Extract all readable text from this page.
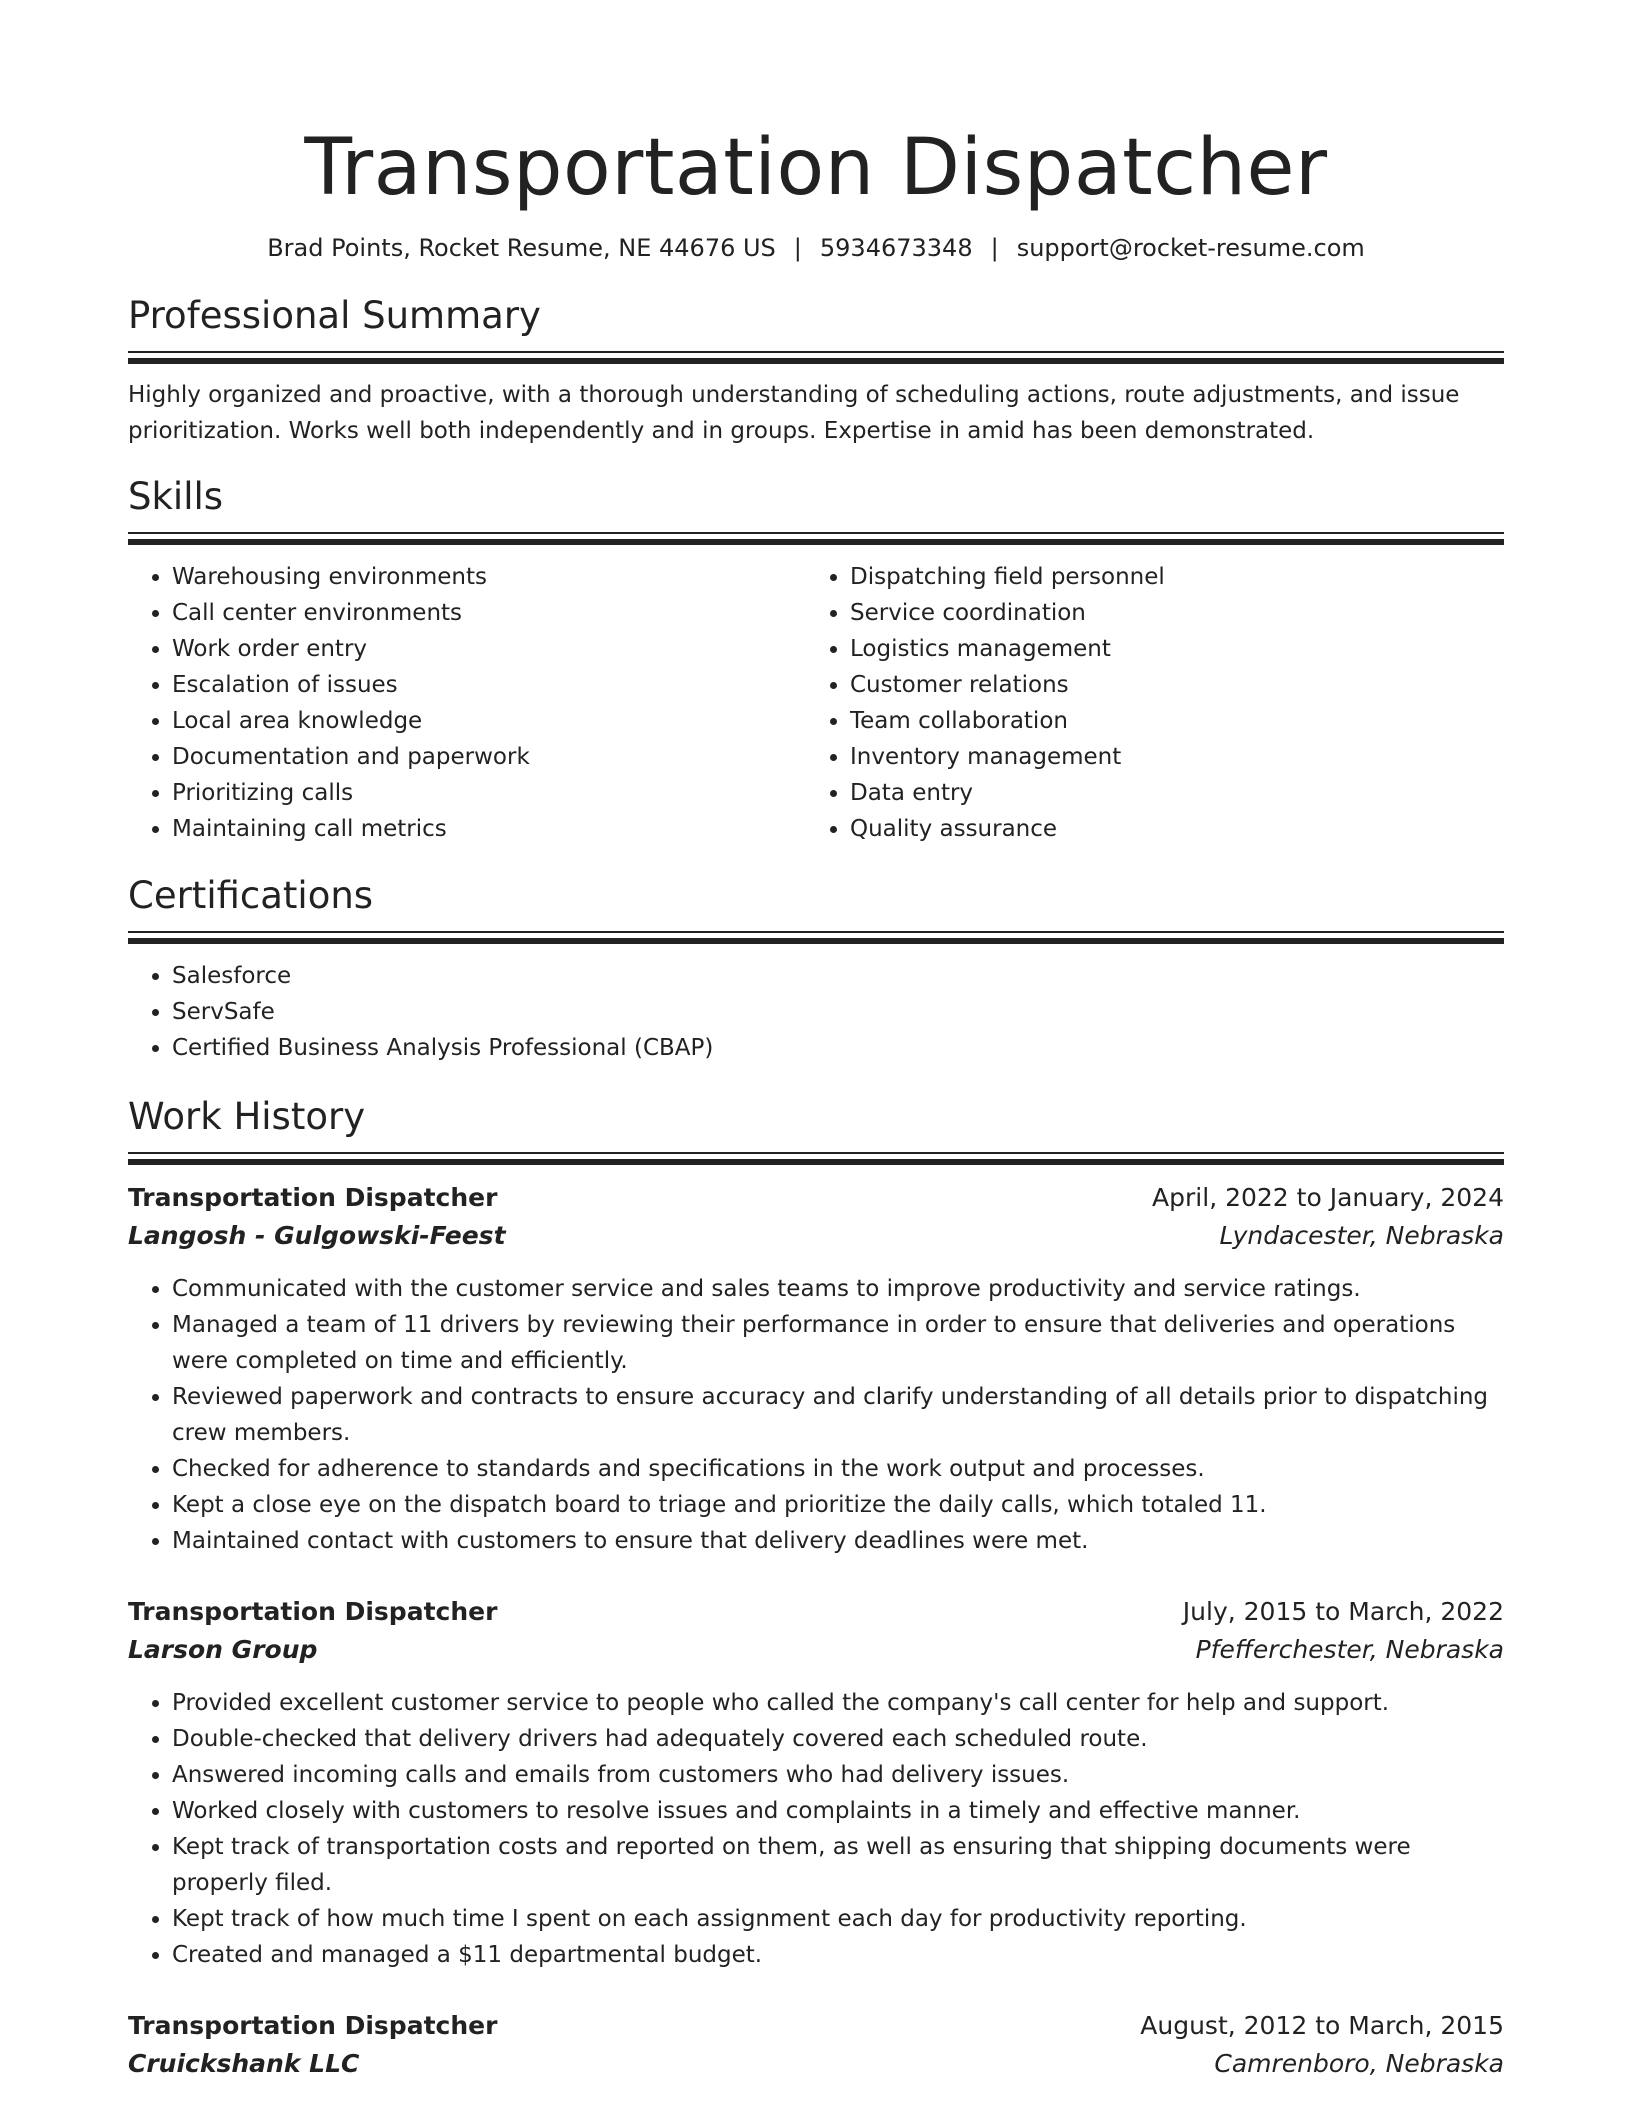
Transportation Dispatcher
Brad Points, Rocket Resume, NE 44676 US | 5934673348 | support@rocket-resume.com
Professional Summary
Highly organized and proactive, with a thorough understanding of scheduling actions, route adjustments, and issue prioritization. Works well both independently and in groups. Expertise in amid has been demonstrated.
Skills
• Warehousing environments
• Call center environments
• Work order entry
• Escalation of issues
• Local area knowledge
• Documentation and paperwork
• Prioritizing calls
• Maintaining call metrics
• Dispatching field personnel
• Service coordination
• Logistics management
• Customer relations
• Team collaboration
• Inventory management
• Data entry
• Quality assurance
Certifications
• Salesforce
• ServSafe
• Certified Business Analysis Professional (CBAP)
Work History
Transportation Dispatcher	April, 2022 to January, 2024
Langosh - Gulgowski-Feest	Lyndacester, Nebraska
• Communicated with the customer service and sales teams to improve productivity and service ratings.
• Managed a team of 11 drivers by reviewing their performance in order to ensure that deliveries and operations were completed on time and efficiently.
• Reviewed paperwork and contracts to ensure accuracy and clarify understanding of all details prior to dispatching crew members.
• Checked for adherence to standards and specifications in the work output and processes.
• Kept a close eye on the dispatch board to triage and prioritize the daily calls, which totaled 11.
• Maintained contact with customers to ensure that delivery deadlines were met.
Transportation Dispatcher	July, 2015 to March, 2022
Larson Group	Pfefferchester, Nebraska
• Provided excellent customer service to people who called the company's call center for help and support.
• Double-checked that delivery drivers had adequately covered each scheduled route.
• Answered incoming calls and emails from customers who had delivery issues.
• Worked closely with customers to resolve issues and complaints in a timely and effective manner.
• Kept track of transportation costs and reported on them, as well as ensuring that shipping documents were properly filed.
• Kept track of how much time I spent on each assignment each day for productivity reporting.
• Created and managed a $11 departmental budget.
Transportation Dispatcher	August, 2012 to March, 2015
Cruickshank LLC	Camrenboro, Nebraska
